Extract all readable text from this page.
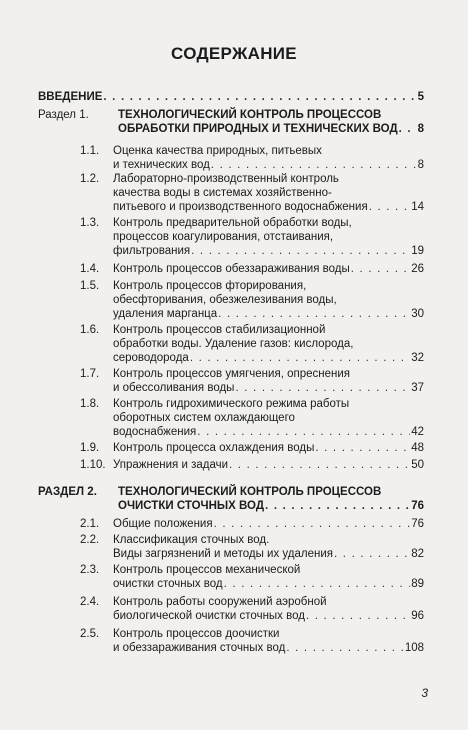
СОДЕРЖАНИЕ
ВВЕДЕНИЕ . . .	5
Раздел 1.	ТЕХНОЛОГИЧЕСКИЙ КОНТРОЛЬ ПРОЦЕССОВ
ОБРАБОТКИ ПРИРОДНЫХ И ТЕХНИЧЕСКИХ ВОД . . . 8
1.1. Оценка качества природных, питьевых
и технических вод . . .	8
1.2. Лабораторно-производственный контроль
качества воды в системах хозяйственно-
питьевого и производственного водоснабжения . . .	14
1.3. Контроль предварительной обработки воды,
процессов коагулирования, отстаивания,
фильтрования . . .	19
1.4. Контроль процессов обеззараживания воды . . .	26
1.5. Контроль процессов фторирования,
обесфторивания, обезжелезивания воды,
удаления марганца . . .	30
1.6. Контроль процессов стабилизационной
обработки воды. Удаление газов: кислорода,
сероводорода . . .	32
1.7. Контроль процессов умягчения, опреснения
и обессоливания воды . . .	37
1.8. Контроль гидрохимического режима работы
оборотных систем охлаждающего
водоснабжения . . .	42
1.9. Контроль процесса охлаждения воды . . .	48
1.10. Упражнения и задачи . . .	50
РАЗДЕЛ 2. ТЕХНОЛОГИЧЕСКИЙ КОНТРОЛЬ ПРОЦЕССОВ
ОЧИСТКИ СТОЧНЫХ ВОД . . .	76
2.1. Общие положения . . .	76
2.2. Классификация сточных вод.
Виды загрязнений и методы их удаления . . .	82
2.3. Контроль процессов механической
очистки сточных вод . . .	89
2.4. Контроль работы сооружений аэробной
биологической очистки сточных вод . . .	96
2.5. Контроль процессов доочистки
и обеззараживания сточных вод . . .	108
3
